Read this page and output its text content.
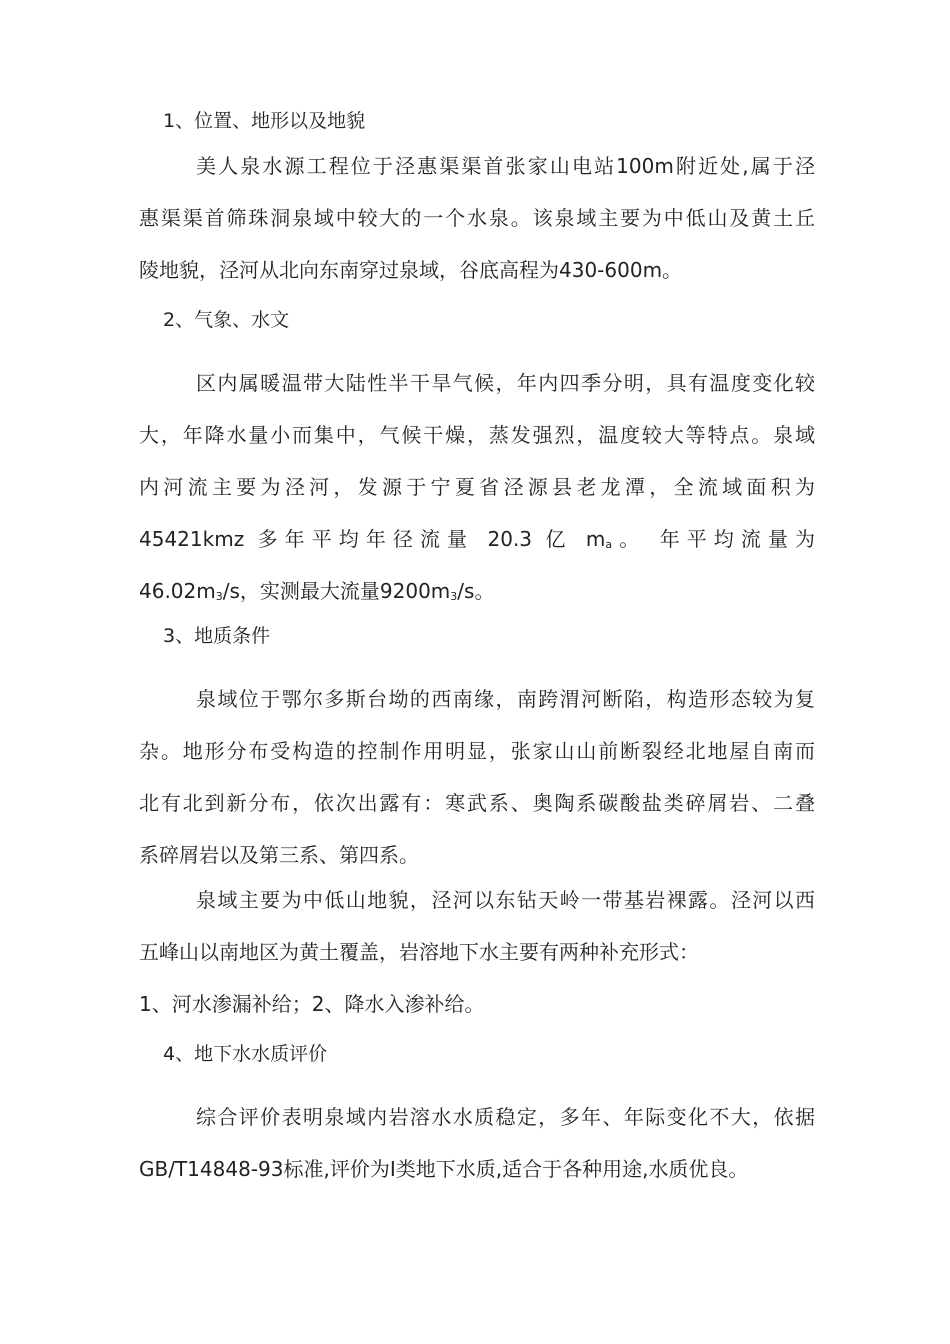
1、位置、地形以及地貌
美人泉水源工程位于泾惠渠渠首张家山电站100m附近处,属于泾
惠渠渠首筛珠洞泉域中较大的一个水泉。该泉域主要为中低山及黄土丘
陵地貌，泾河从北向东南穿过泉域，谷底高程为430-600m。
2、气象、水文
区内属暖温带大陆性半干旱气候，年内四季分明，具有温度变化较
大，年降水量小而集中，气候干燥，蒸发强烈，温度较大等特点。泉域
内河流主要为泾河，发源于宁夏省泾源县老龙潭，全流域面积为
45421kmz 多年平均年径流量 20.3 亿 ma。 年平均流量为
46.02m3/s，实测最大流量9200m3/s。
3、地质条件
泉域位于鄂尔多斯台坳的西南缘，南跨渭河断陷，构造形态较为复
杂。地形分布受构造的控制作用明显，张家山山前断裂经北地屋自南而
北有北到新分布，依次出露有：寒武系、奥陶系碳酸盐类碎屑岩、二叠
系碎屑岩以及第三系、第四系。
泉域主要为中低山地貌，泾河以东钻天岭一带基岩裸露。泾河以西
五峰山以南地区为黄土覆盖，岩溶地下水主要有两种补充形式：
1、河水渗漏补给；2、降水入渗补给。
4、地下水水质评价
综合评价表明泉域内岩溶水水质稳定，多年、年际变化不大，依据
GB/T14848-93标准,评价为Ⅰ类地下水质,适合于各种用途,水质优良。
